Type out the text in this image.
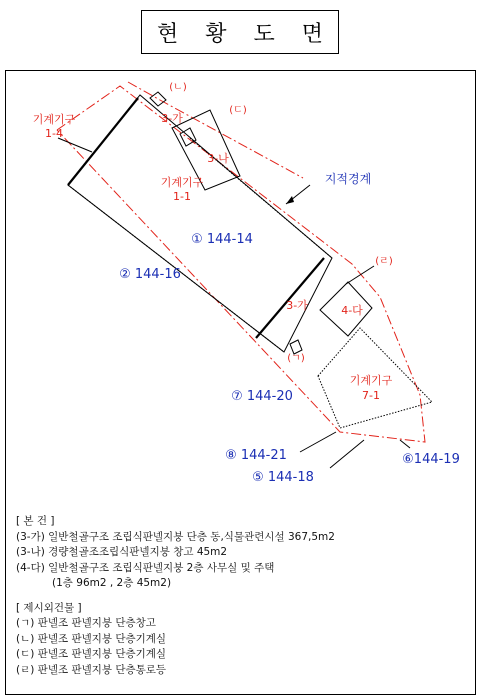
현 황 도 면
기계기구
1-4
기계기구
1-1
기계기구
7-1
3-가
3-나
3-가	4-다
(ㄴ)
(ㄷ)
(ㄹ)
(ㄱ)
지적경계
① 144-14
② 144-16
⑦ 144-20
⑧ 144-21
⑤ 144-18
⑥144-19
[ 본 건 ]
(3-가) 일반철골구조 조립식판넬지붕 단층 동,식물관련시설 367,5m2
(3-나) 경량철골조조립식판넬지붕 창고 45m2
(4-다) 일반철골구조 조립식판넬지붕 2층 사무실 및 주택
(1층 96m2 , 2층 45m2)
[ 제시외건물 ]
(ㄱ) 판넬조 판넬지붕 단층창고
(ㄴ) 판넬조 판넬지붕 단층기계실
(ㄷ) 판넬조 판넬지붕 단층기계실
(ㄹ) 판넬조 판넬지붕 단층통로등
